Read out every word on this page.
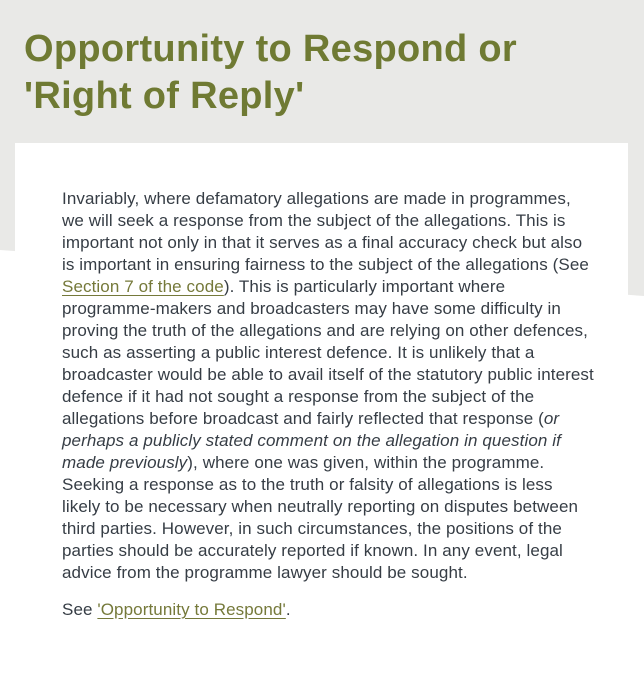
Opportunity to Respond or
'Right of Reply'

Invariably, where defamatory allegations are made in programmes, we will seek a response from the subject of the allegations. This is important not only in that it serves as a final accuracy check but also is important in ensuring fairness to the subject of the allegations (See Section 7 of the code). This is particularly important where programme-makers and broadcasters may have some difficulty in proving the truth of the allegations and are relying on other defences, such as asserting a public interest defence. It is unlikely that a broadcaster would be able to avail itself of the statutory public interest defence if it had not sought a response from the subject of the allegations before broadcast and fairly reflected that response (or perhaps a publicly stated comment on the allegation in question if made previously), where one was given, within the programme. Seeking a response as to the truth or falsity of allegations is less likely to be necessary when neutrally reporting on disputes between third parties. However, in such circumstances, the positions of the parties should be accurately reported if known. In any event, legal advice from the programme lawyer should be sought.

See 'Opportunity to Respond'.
